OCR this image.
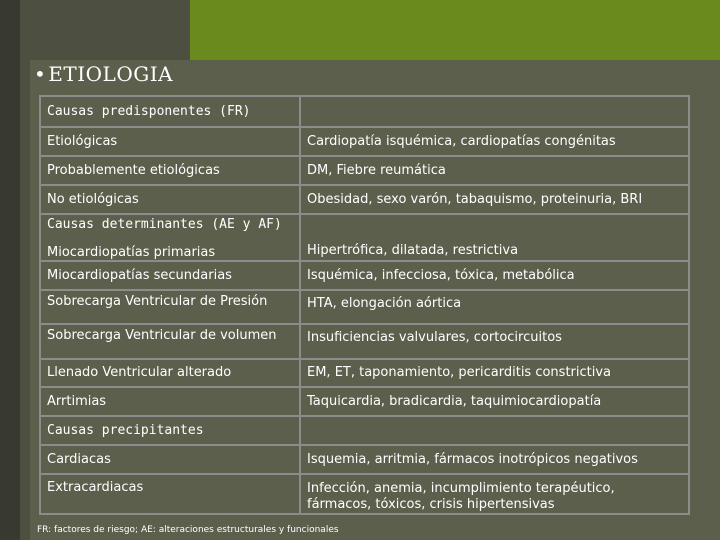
• ETIOLOGIA
Causas predisponentes (FR)	
Etiológicas	Cardiopatía isquémica, cardiopatías congénitas
Probablemente etiológicas	DM, Fiebre reumática
No etiológicas	Obesidad, sexo varón, tabaquismo, proteinuria, BRI

Causas determinantes (AE y AF)
Miocardiopatías primarias	Hipertrófica, dilatada, restrictiva
Miocardiopatías secundarias	Isquémica, infecciosa, tóxica, metabólica
Sobrecarga Ventricular de Presión	HTA, elongación aórtica
Sobrecarga Ventricular de volumen	Insuficiencias valvulares, cortocircuitos
Llenado Ventricular alterado	EM, ET, taponamiento, pericarditis constrictiva
Arrtimias	Taquicardia, bradicardia, taquimiocardiopatía
Causas precipitantes	
Cardiacas	Isquemia, arritmia, fármacos inotrópicos negativos
Extracardiacas	Infección, anemia, incumplimiento terapéutico, fármacos, tóxicos, crisis hipertensivas
FR: factores de riesgo; AE: alteraciones estructurales y funcionales
